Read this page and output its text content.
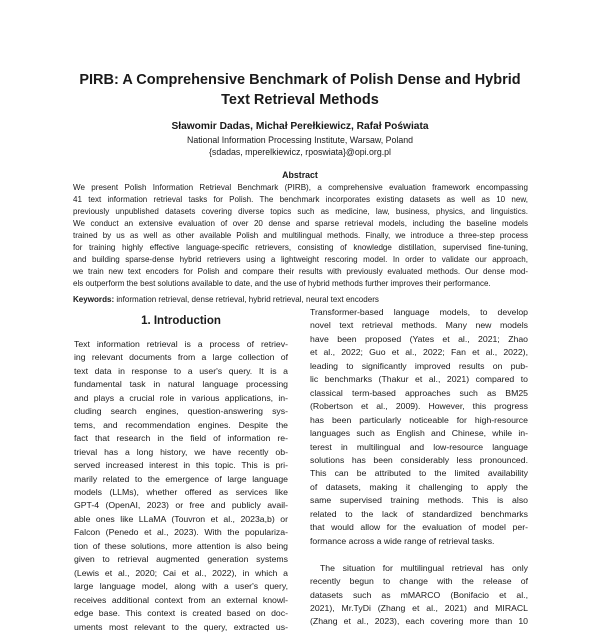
PIRB: A Comprehensive Benchmark of Polish Dense and Hybrid
Text Retrieval Methods
Sławomir Dadas, Michał Perełkiewicz, Rafał Poświata
National Information Processing Institute, Warsaw, Poland
{sdadas, mperelkiewicz, rposwiata}@opi.org.pl
Abstract
We present Polish Information Retrieval Benchmark (PIRB), a comprehensive evaluation framework encompassing
41 text information retrieval tasks for Polish. The benchmark incorporates existing datasets as well as 10 new,
previously unpublished datasets covering diverse topics such as medicine, law, business, physics, and linguistics.
We conduct an extensive evaluation of over 20 dense and sparse retrieval models, including the baseline models
trained by us as well as other available Polish and multilingual methods. Finally, we introduce a three-step process
for training highly effective language-specific retrievers, consisting of knowledge distillation, supervised fine-tuning,
and building sparse-dense hybrid retrievers using a lightweight rescoring model. In order to validate our approach,
we train new text encoders for Polish and compare their results with previously evaluated methods. Our dense mod-
els outperform the best solutions available to date, and the use of hybrid methods further improves their performance.
Keywords: information retrieval, dense retrieval, hybrid retrieval, neural text encoders
1. Introduction
Text information retrieval is a process of retriev-
ing relevant documents from a large collection of
text data in response to a user's query. It is a
fundamental task in natural language processing
and plays a crucial role in various applications, in-
cluding search engines, question-answering sys-
tems, and recommendation engines. Despite the
fact that research in the field of information re-
trieval has a long history, we have recently ob-
served increased interest in this topic. This is pri-
marily related to the emergence of large language
models (LLMs), whether offered as services like
GPT-4 (OpenAI, 2023) or free and publicly avail-
able ones like LLaMA (Touvron et al., 2023a,b) or
Falcon (Penedo et al., 2023). With the populariza-
tion of these solutions, more attention is also being
given to retrieval augmented generation systems
(Lewis et al., 2020; Cai et al., 2022), in which a
large language model, along with a user's query,
receives additional context from an external knowl-
edge base. This context is created based on doc-
uments most relevant to the query, extracted us-
Transformer-based language models, to develop
novel text retrieval methods. Many new models
have been proposed (Yates et al., 2021; Zhao
et al., 2022; Guo et al., 2022; Fan et al., 2022),
leading to significantly improved results on pub-
lic benchmarks (Thakur et al., 2021) compared to
classical term-based approaches such as BM25
(Robertson et al., 2009). However, this progress
has been particularly noticeable for high-resource
languages such as English and Chinese, while in-
terest in multilingual and low-resource language
solutions has been considerably less pronounced.
This can be attributed to the limited availability
of datasets, making it challenging to apply the
same supervised training methods. This is also
related to the lack of standardized benchmarks
that would allow for the evaluation of model per-
formance across a wide range of retrieval tasks.
The situation for multilingual retrieval has only
recently begun to change with the release of
datasets such as mMARCO (Bonifacio et al.,
2021), Mr.TyDi (Zhang et al., 2021) and MIRACL
(Zhang et al., 2023), each covering more than 10
